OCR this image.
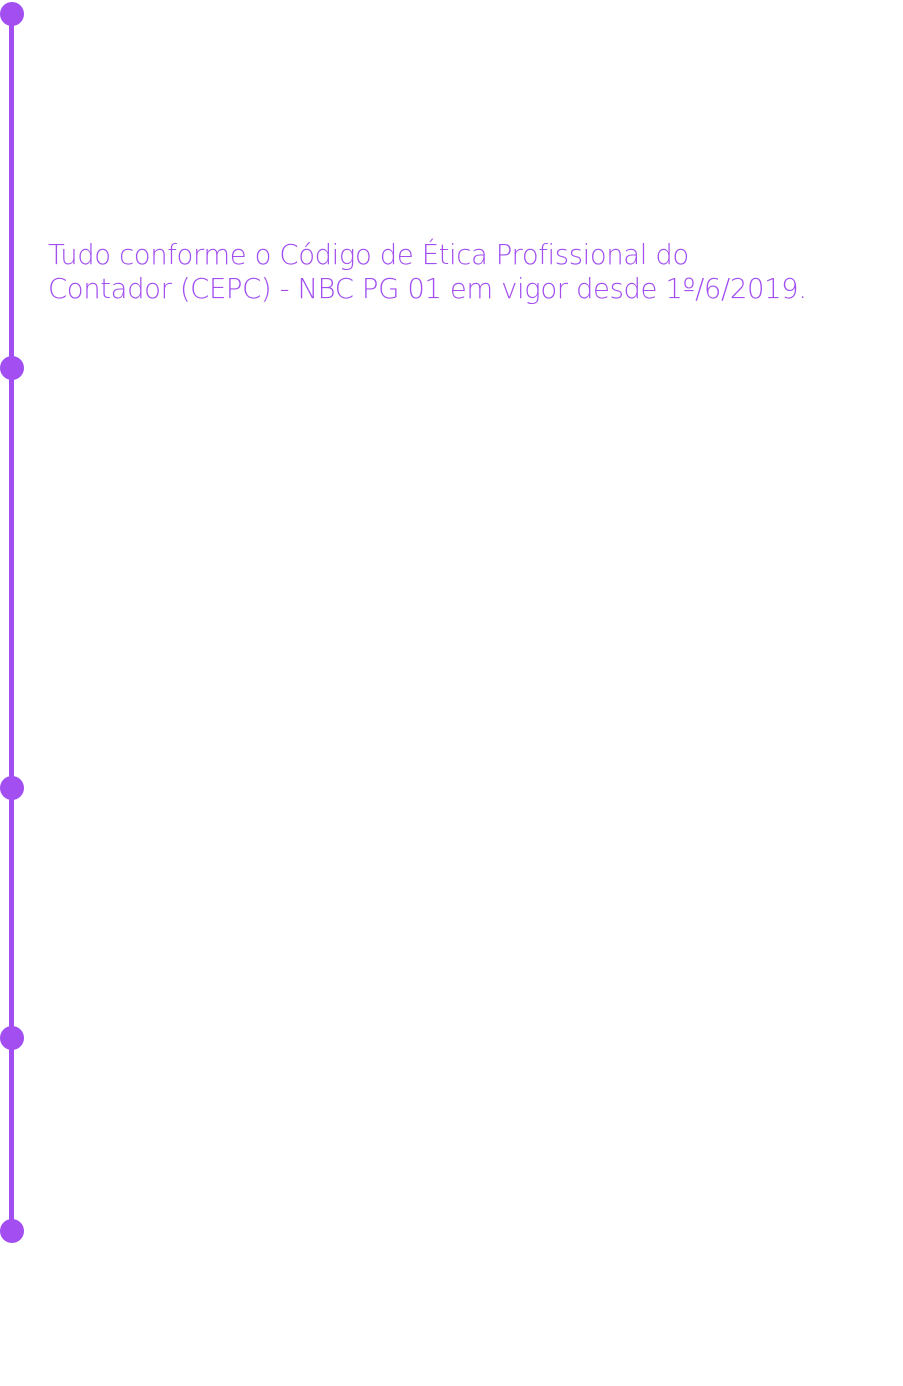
Tudo conforme o Código de Ética Profissional do
Contador (CEPC) - NBC PG 01 em vigor desde 1º/6/2019.
